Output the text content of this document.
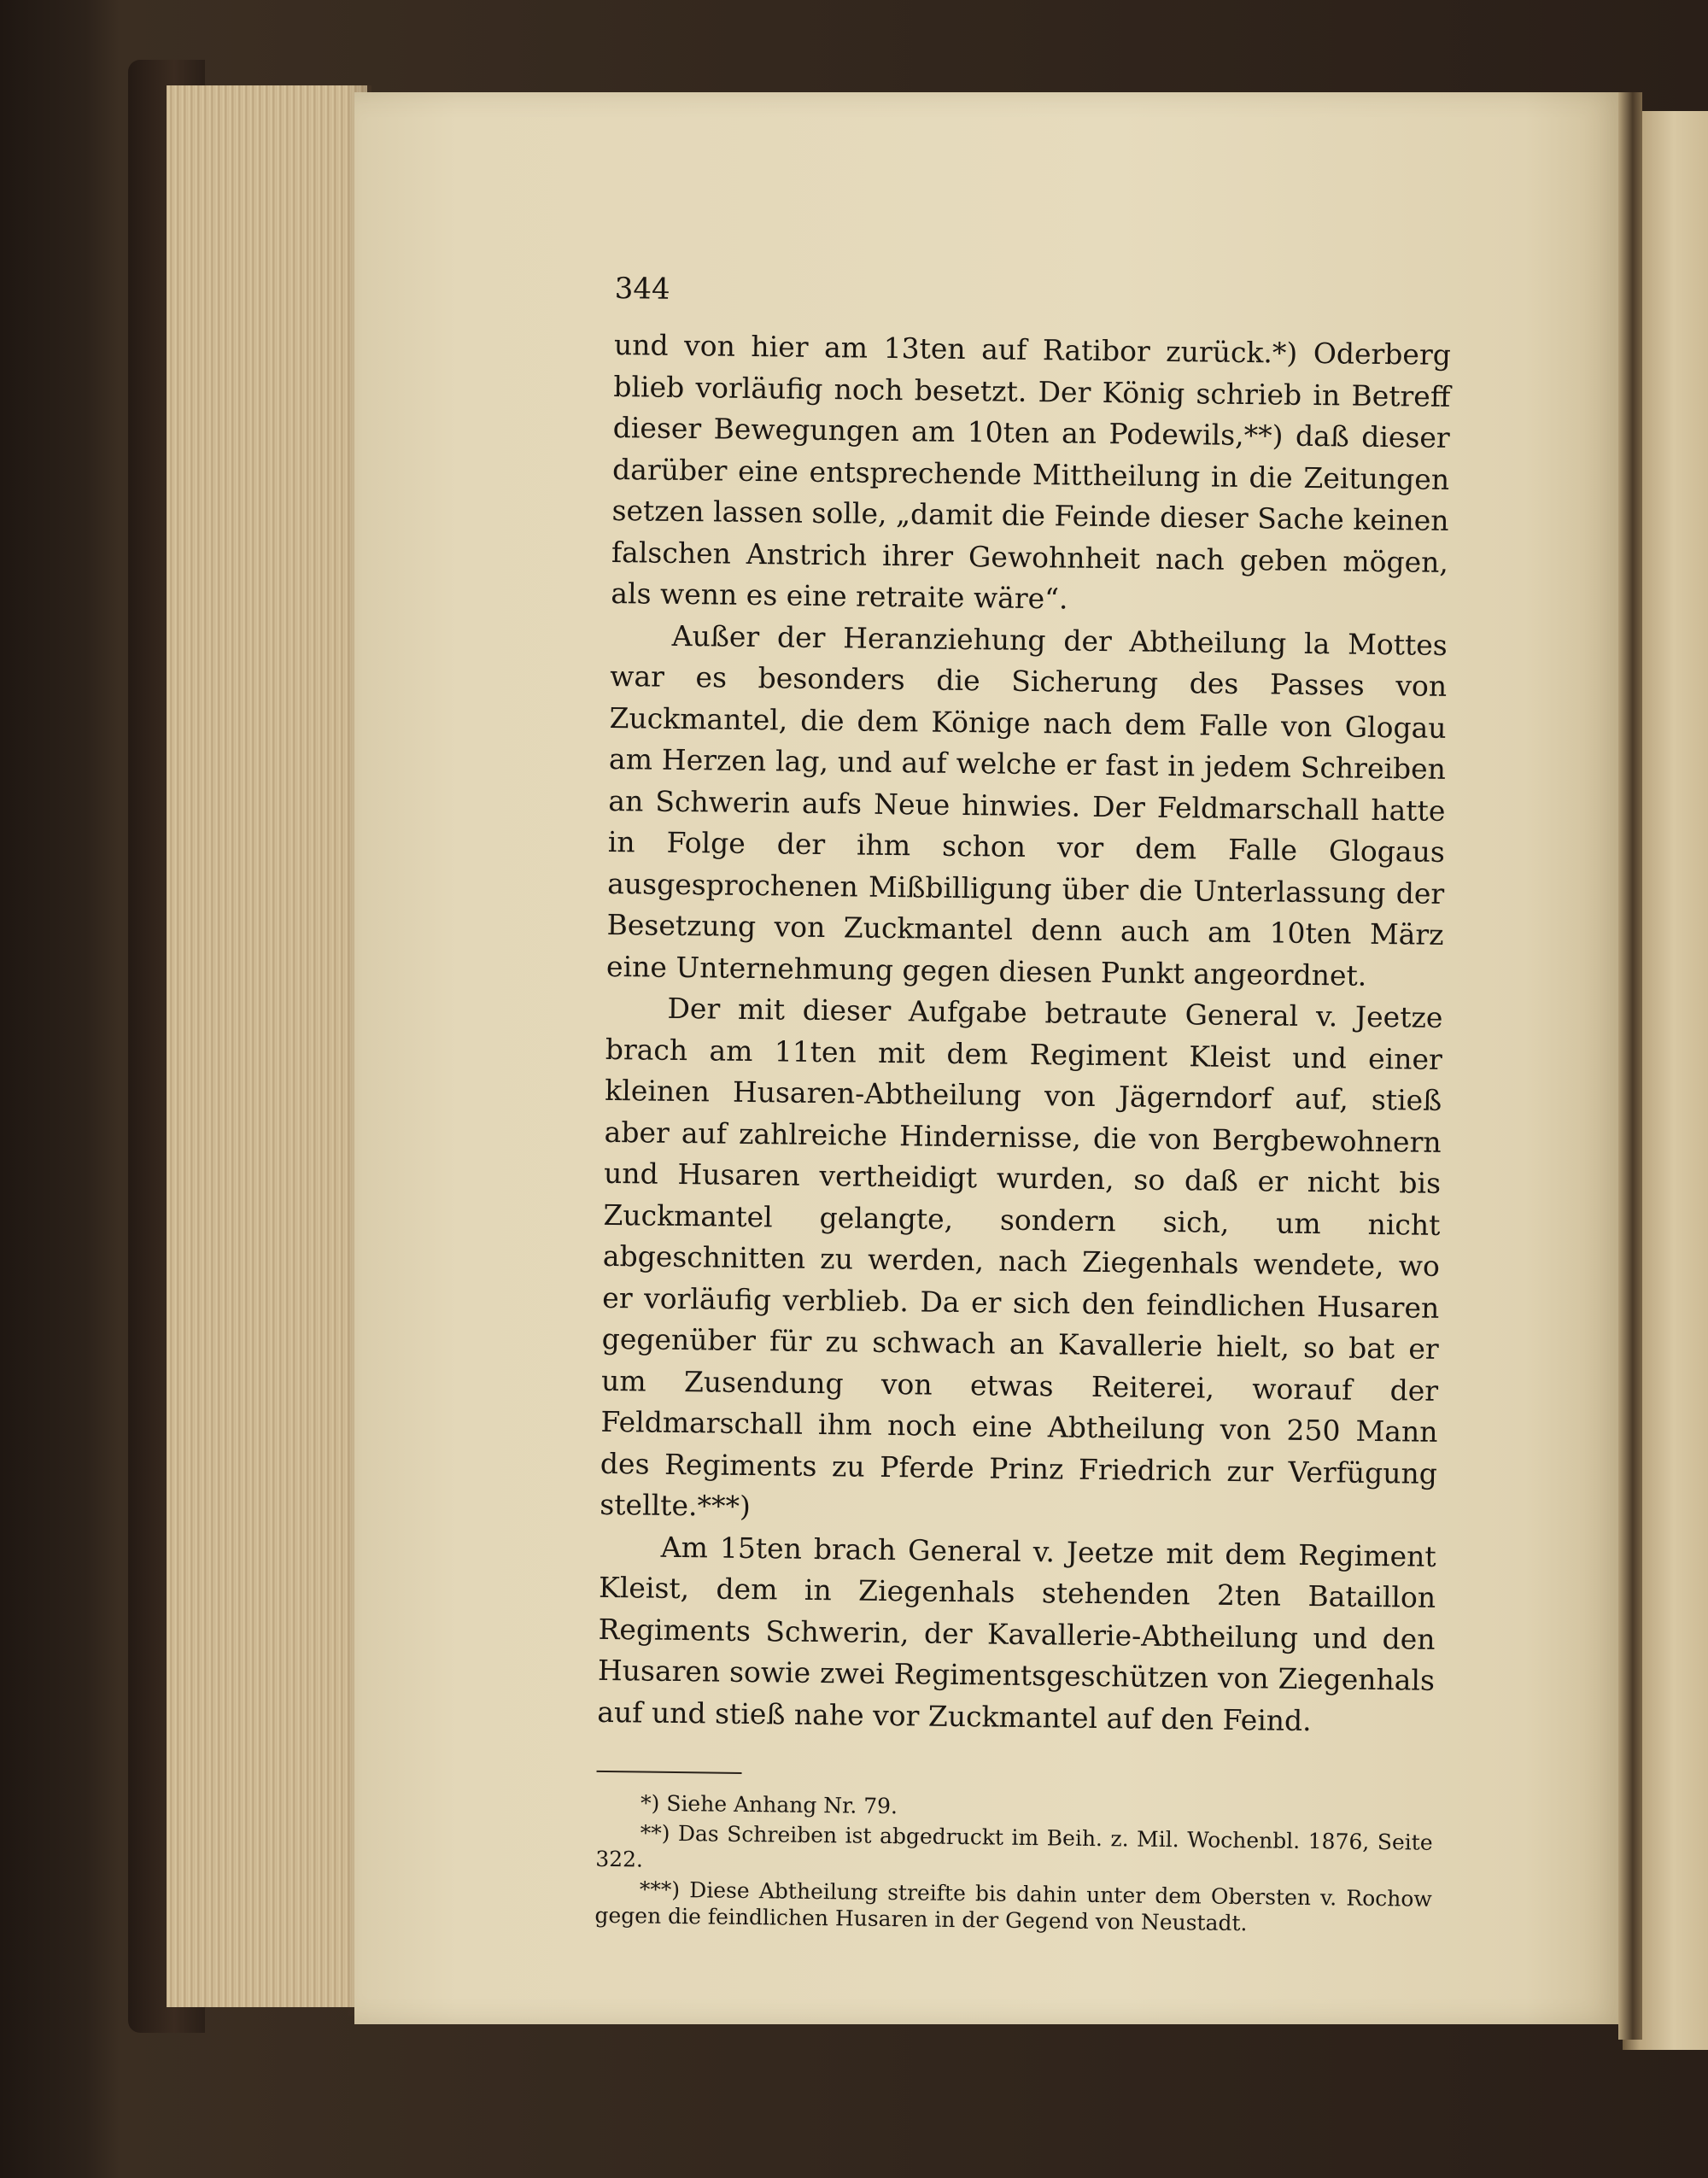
344

und von hier am 13ten auf Ratibor zurück.*) Oderberg blieb vorläufig noch besetzt. Der König schrieb in Betreff dieser Bewegungen am 10ten an Podewils,**) daß dieser darüber eine entsprechende Mittheilung in die Zeitungen setzen lassen solle, „damit die Feinde dieser Sache keinen falschen Anstrich ihrer Gewohnheit nach geben mögen, als wenn es eine retraite wäre“.

Außer der Heranziehung der Abtheilung la Mottes war es besonders die Sicherung des Passes von Zuckmantel, die dem Könige nach dem Falle von Glogau am Herzen lag, und auf welche er fast in jedem Schreiben an Schwerin aufs Neue hinwies. Der Feldmarschall hatte in Folge der ihm schon vor dem Falle Glogaus ausgesprochenen Mißbilligung über die Unterlassung der Besetzung von Zuckmantel denn auch am 10ten März eine Unternehmung gegen diesen Punkt angeordnet.

Der mit dieser Aufgabe betraute General v. Jeetze brach am 11ten mit dem Regiment Kleist und einer kleinen Husaren-Abtheilung von Jägerndorf auf, stieß aber auf zahlreiche Hindernisse, die von Bergbewohnern und Husaren vertheidigt wurden, so daß er nicht bis Zuckmantel gelangte, sondern sich, um nicht abgeschnitten zu werden, nach Ziegenhals wendete, wo er vorläufig verblieb. Da er sich den feindlichen Husaren gegenüber für zu schwach an Kavallerie hielt, so bat er um Zusendung von etwas Reiterei, worauf der Feldmarschall ihm noch eine Abtheilung von 250 Mann des Regiments zu Pferde Prinz Friedrich zur Verfügung stellte.***)

Am 15ten brach General v. Jeetze mit dem Regiment Kleist, dem in Ziegenhals stehenden 2ten Bataillon Regiments Schwerin, der Kavallerie-Abtheilung und den Husaren sowie zwei Regimentsgeschützen von Ziegenhals auf und stieß nahe vor Zuckmantel auf den Feind.

*) Siehe Anhang Nr. 79.

**) Das Schreiben ist abgedruckt im Beih. z. Mil. Wochenbl. 1876, Seite 322.

***) Diese Abtheilung streifte bis dahin unter dem Obersten v. Rochow gegen die feindlichen Husaren in der Gegend von Neustadt.
